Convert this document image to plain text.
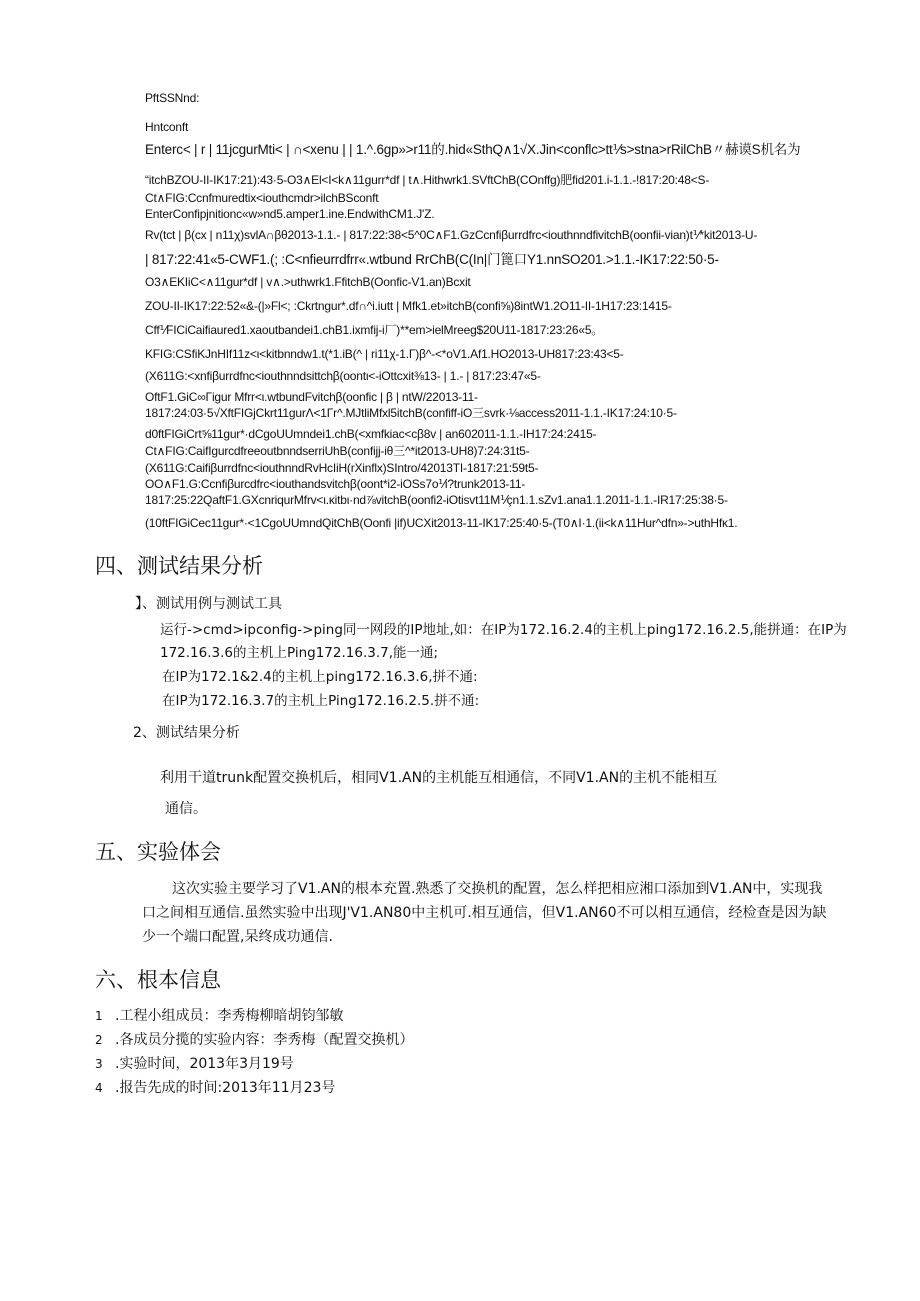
PftSSNnd:
Hntconft
Enterc< | r | 11jcgurMti< | ∩<xenu | | 1.^.6gp»>r11的.hid«SthQ∧1√X.Jin<conflc>tt⅟s>stna>rRilChB〃赫谟S机名为
“itchBZOU-II-IK17:21):43·5-O3∧El<I<k∧11gurr*df | t∧.Hithwrk1.SVftChB(COnffg)肥fid201.i-1.1.-!817:20:48<S-
Ct∧FIG:Ccnfmuredtix<iouthcmdr>ilchBSconft
EnterConfipjnitionc«w»nd5.amper1.ine.EndwithCM1.J'Z.
Rv(tct | β(cx | n11χ)svlA∩βθ2013-1.1.- | 817:22:38<5^0C∧F1.GzCcnfiβurrdfrc<iouthnndfivitchB(oonfii-vian)t⅟*kit2013-U-
| 817:22:41«5-CWF1.(; :C<nfieurrdfrr«.wtbund RrChB(C(In|门篦口Y1.nnSO201.>1.1.-IK17:22:50·5-
O3∧EKIiC<∧11gur*df | v∧.>uthwrk1.FfitchB(Oonfic-V1.an)Bcxit
ZOU-II-IK17:22:52«&-(|»Fl<; :Ckrtngur*.df∩^i.iutt | Mfk1.et»itchB(confi⅝)8intW1.2O11-II-1H17:23:1415-
Cff⅟FICiCaifiaured1.xaoutbandei1.chB1.ixmfij-i厂)**em>ielMreeg$20U11-1817:23:26«5。
KFIG:CSfiKJnHIf11z<ι<kitbnndw1.t(*1.iB(^ | ri11χ-1.Γ)β^-<*oV1.Af1.HO2013-UH817:23:43<5-
(X611G:<xnfiβurrdfnc<iouthnndsittchβ(oontι<-iOttcxit⅜13- | 1.- | 817:23:47«5-
OftF1.GiC∞Γigur Mfrr<ι.wtbundFvitchβ(oonfic | β | ntW/22013-11-
1817:24:03·5√XftFIGjCkrt11gurΛ<1Γr^.MJtliMfxl5itchB(confiff-iO三svrk·⅛access2011-1.1.-IK17:24:10·5-
d0ftFIGiCrt⅝11gur*·dCgoUUmndei1.chB(<xmfkiac<cβ8v | an602011-1.1.-IH17:24:2415-
Ct∧FIG:CaifIgurcdfreeoutbnndserriUhB(confijj-iθ三^*it2013-UH8)7:24:31t5-
(X611G:Caifiβurrdfnc<iouthnndRvHcIiH(rXinflx)SIntro/42013TI-1817:21:59t5-
OO∧F1.G:Ccnfiβurcdfrc<iouthandsvitchβ(oont*i2-iOSs7o⅟i?trunk2013-11-
1817:25:22QaftF1.GXcnriqurMfrv<ι.κitbι·nd⅞vitchB(oonfi2-iOtisvt11M⅟çn1.1.sZv1.ana1.1.2011-1.1.-IR17:25:38·5-
(10ftFIGiCec11gur*·<1CgoUUmndQitChB(Oonfi |if)UCXit2013-11-IK17:25:40·5-(T0∧I·1.(ii<k∧11Hur^dfn»->uthHfκ1.
四、测试结果分析
】、测试用例与测试工具
运行->cmd>ipconfig->ping同一网段的IP地址,如：在IP为172.16.2.4的主机上ping172.16.2.5,能拼通：在IP为
172.16.3.6的主机上Ping172.16.3.7,能一通;
在IP为172.1&2.4的主机上ping172.16.3.6,拼不通:
在IP为172.16.3.7的主机上Ping172.16.2.5.拼不通:
2、测试结果分析
利用干道trunk配置交换机后，相同V1.AN的主机能互相通信，不同V1.AN的主机不能相互
通信。
五、实验体会
这次实验主要学习了V1.AN的根本充置.熟悉了交换机的配置，怎么样把相应湘口添加到V1.AN中，实现我口之间相互通信.虽然实验中出现J'V1.AN80中主机可.相互通信，但V1.AN60不可以相互通信，经检查是因为缺少一个端口配置,呆终成功通信.
六、根本信息
1 .工程小组成员：李秀梅柳暗胡钧邹敏
2 .各成员分揽的实验内容：李秀梅（配置交换机）
3 .实验时间，2013年3月19号
4 .报告先成的时间:2013年11月23号
